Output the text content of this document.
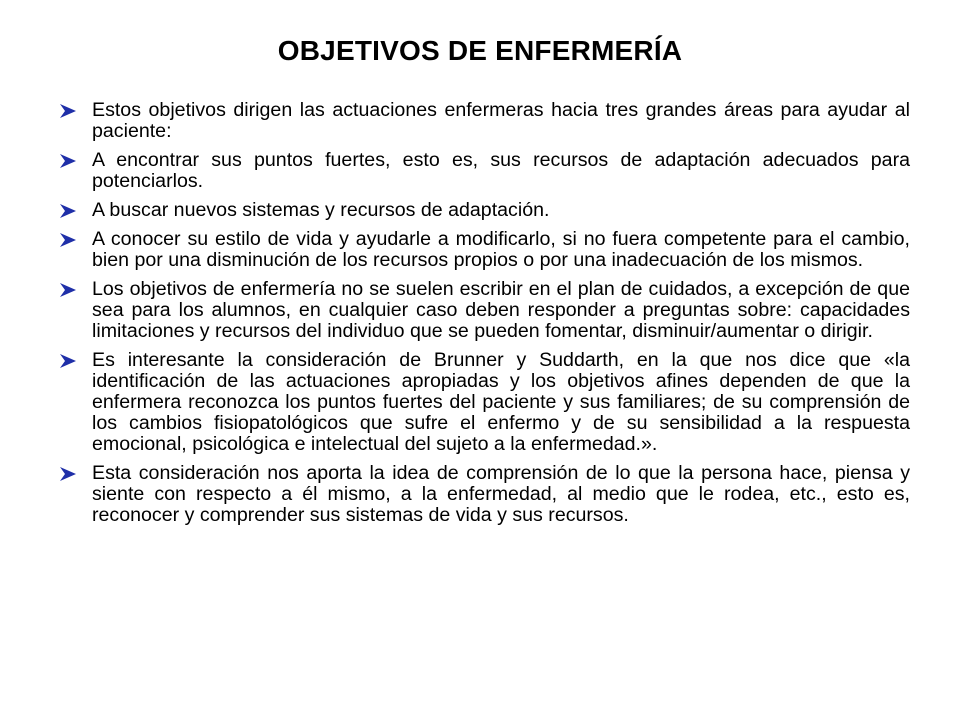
OBJETIVOS DE ENFERMERÍA
Estos objetivos dirigen las actuaciones enfermeras hacia tres grandes áreas para ayudar al paciente:
A encontrar sus puntos fuertes, esto es, sus recursos de adaptación adecuados para potenciarlos.
A buscar nuevos sistemas y recursos de adaptación.
A conocer su estilo de vida y ayudarle a modificarlo, si no fuera competente para el cambio, bien por una disminución de los recursos propios o por una inadecuación de los mismos.
Los objetivos de enfermería no se suelen escribir en el plan de cuidados, a excepción de que sea para los alumnos, en cualquier caso deben responder a preguntas sobre: capacidades limitaciones y recursos del individuo que se pueden fomentar, disminuir/aumentar o dirigir.
Es interesante la consideración de Brunner y Suddarth, en la que nos dice que «la identificación de las actuaciones apropiadas y los objetivos afines dependen de que la enfermera reconozca los puntos fuertes del paciente y sus familiares; de su comprensión de los cambios fisiopatológicos que sufre el enfermo y de su sensibilidad a la respuesta emocional, psicológica e intelectual del sujeto a la enfermedad.».
Esta consideración nos aporta la idea de comprensión de lo que la persona hace, piensa y siente con respecto a él mismo, a la enfermedad, al medio que le rodea, etc., esto es, reconocer y comprender sus sistemas de vida y sus recursos.
